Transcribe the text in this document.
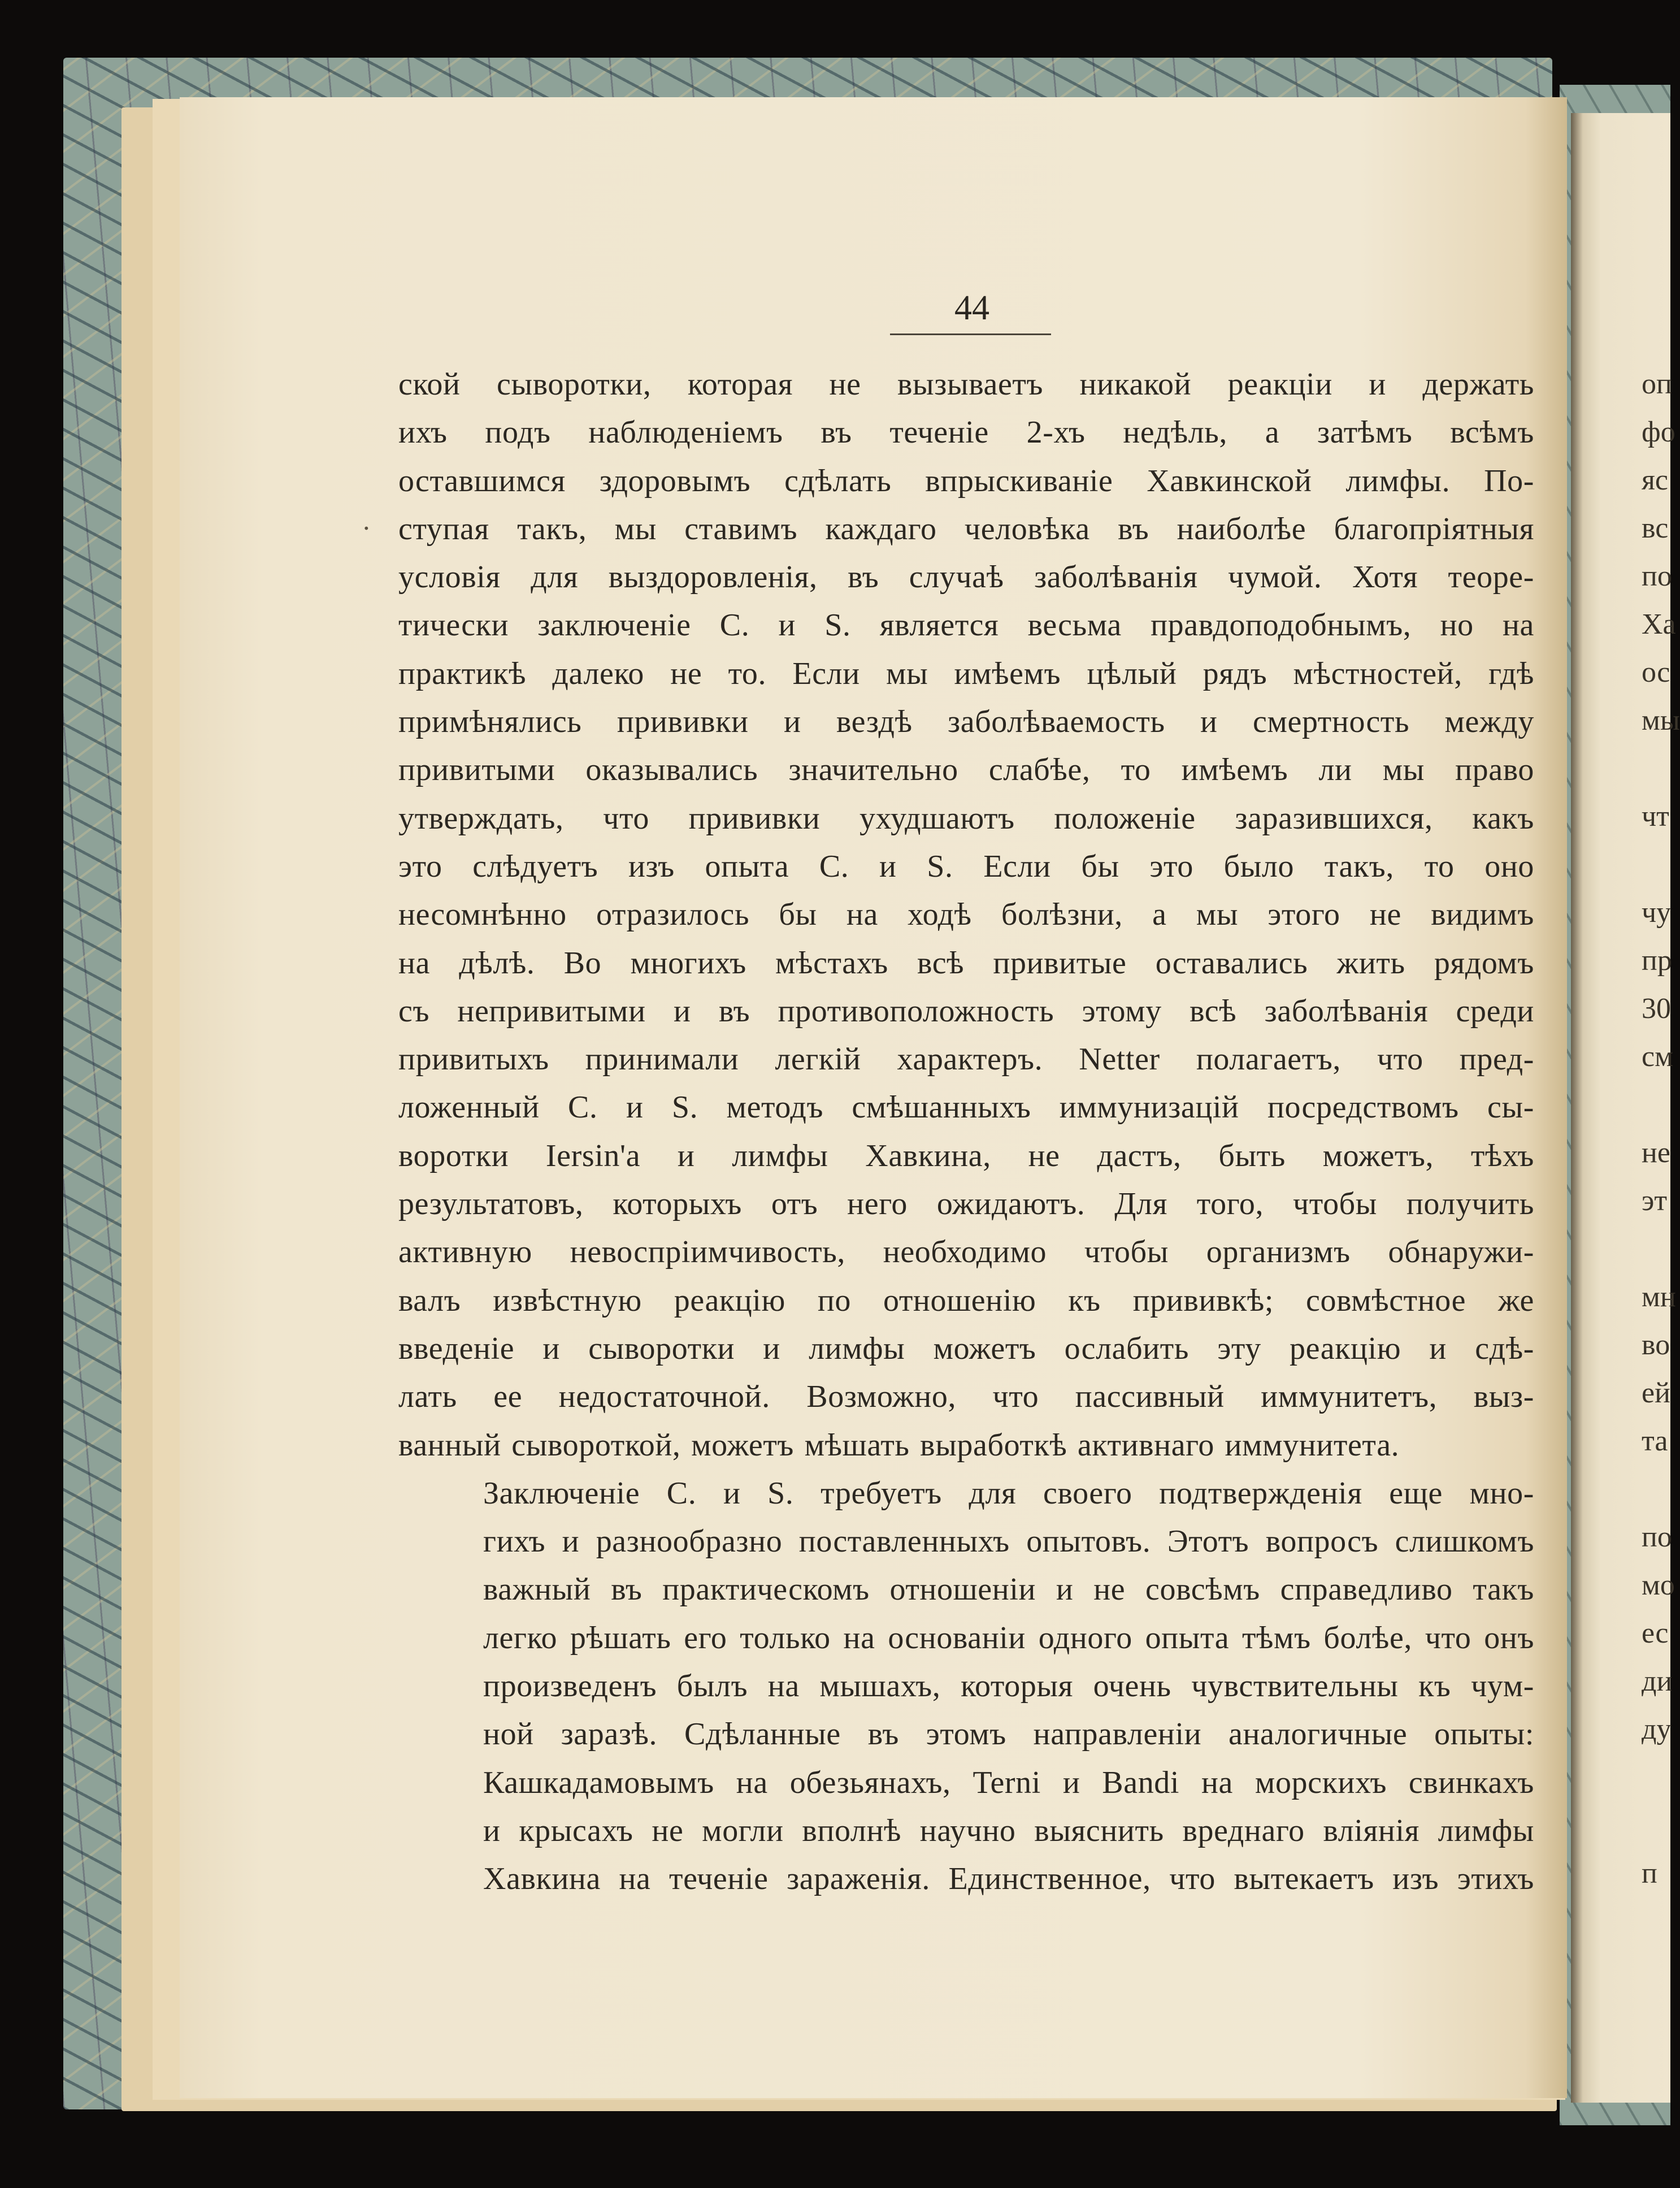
44

ской сыворотки, которая не вызываетъ никакой реакціи и держать
ихъ подъ наблюденіемъ въ теченіе 2-хъ недѣль, а затѣмъ всѣмъ
оставшимся здоровымъ сдѣлать впрыскиваніе Хавкинской лимфы. По-
ступая такъ, мы ставимъ каждаго человѣка въ наиболѣе благопріятныя
условія для выздоровленія, въ случаѣ заболѣванія чумой. Хотя теоре-
тически заключеніе С. и S. является весьма правдоподобнымъ, но на
практикѣ далеко не то. Если мы имѣемъ цѣлый рядъ мѣстностей, гдѣ
примѣнялись прививки и вездѣ заболѣваемость и смертность между
привитыми оказывались значительно слабѣе, то имѣемъ ли мы право
утверждать, что прививки ухудшаютъ положеніе заразившихся, какъ
это слѣдуетъ изъ опыта С. и S. Если бы это было такъ, то оно
несомнѣнно отразилось бы на ходѣ болѣзни, а мы этого не видимъ
на дѣлѣ. Во многихъ мѣстахъ всѣ привитые оставались жить рядомъ
съ непривитыми и въ противоположность этому всѣ заболѣванія среди
привитыхъ принимали легкій характеръ. Netter полагаетъ, что пред-
ложенный С. и S. методъ смѣшанныхъ иммунизацій посредствомъ сы-
воротки Iersin'a и лимфы Хавкина, не дастъ, быть можетъ, тѣхъ
результатовъ, которыхъ отъ него ожидаютъ. Для того, чтобы получить
активную невоспріимчивость, необходимо чтобы организмъ обнаружи-
валъ извѣстную реакцію по отношенію къ прививкѣ; совмѣстное же
введеніе и сыворотки и лимфы можетъ ослабить эту реакцію и сдѣ-
лать ее недостаточной. Возможно, что пассивный иммунитетъ, выз-
ванный сывороткой, можетъ мѣшать выработкѣ активнаго иммунитета.

Заключеніе С. и S. требуетъ для своего подтвержденія еще мно-
гихъ и разнообразно поставленныхъ опытовъ. Этотъ вопросъ слишкомъ
важный въ практическомъ отношеніи и не совсѣмъ справедливо такъ
легко рѣшать его только на основаніи одного опыта тѣмъ болѣе, что онъ
произведенъ былъ на мышахъ, которыя очень чувствительны къ чум-
ной заразѣ. Сдѣланные въ этомъ направленіи аналогичные опыты:
Кашкадамовымъ на обезьянахъ, Terni и Bandi на морскихъ свинкахъ
и крысахъ не могли вполнѣ научно выяснить вреднаго вліянія лимфы
Хавкина на теченіе зараженія. Единственное, что вытекаетъ изъ этихъ

·
оп
фо
яс
вс
по
Ха
ос
мы
чт
чу
пр
30
см
не
эт
мн
во
ей
та
по
мо
ес
ди
ду
п
